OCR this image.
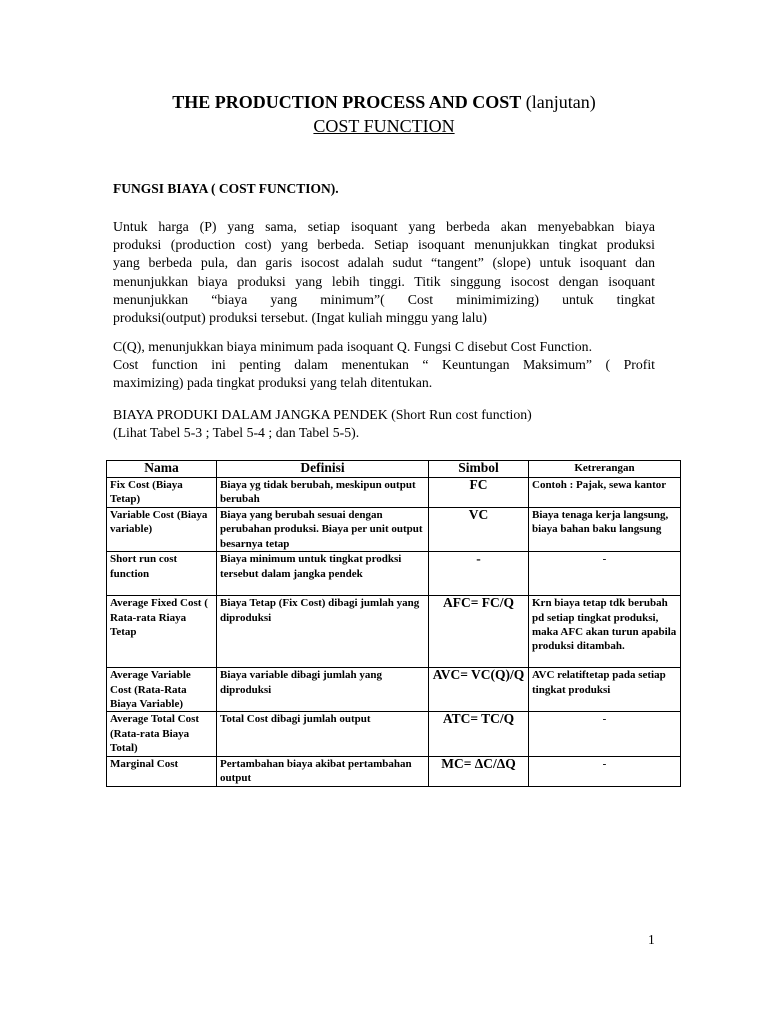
THE PRODUCTION PROCESS AND COST (lanjutan)
COST FUNCTION
FUNGSI BIAYA ( COST FUNCTION).
Untuk harga (P) yang sama, setiap isoquant yang berbeda akan menyebabkan biaya
produksi (production cost) yang berbeda. Setiap isoquant menunjukkan tingkat produksi
yang berbeda pula, dan garis isocost adalah sudut “tangent” (slope) untuk isoquant dan
menunjukkan biaya produksi yang lebih tinggi. Titik singgung isocost dengan isoquant
menunjukkan “biaya yang minimum”( Cost minimimizing) untuk tingkat
produksi(output) produksi tersebut. (Ingat kuliah minggu yang lalu)
C(Q), menunjukkan biaya minimum pada isoquant Q. Fungsi C disebut Cost Function.
Cost function ini penting dalam menentukan “ Keuntungan Maksimum” ( Profit
maximizing) pada tingkat produksi yang telah ditentukan.
BIAYA PRODUKI DALAM JANGKA PENDEK (Short Run cost function)
(Lihat Tabel 5-3 ; Tabel 5-4 ; dan Tabel 5-5).
Nama	Definisi	Simbol	Ketrerangan
Fix Cost (Biaya Tetap)	Biaya yg tidak berubah, meskipun output berubah	FC	Contoh : Pajak, sewa kantor
Variable Cost (Biaya variable)	Biaya yang berubah sesuai dengan perubahan produksi. Biaya per unit output besarnya tetap	VC	Biaya tenaga kerja langsung, biaya bahan baku langsung
Short run cost function	Biaya minimum untuk tingkat prodksi tersebut dalam jangka pendek	-	-
Average Fixed Cost ( Rata-rata Riaya Tetap	Biaya Tetap (Fix Cost) dibagi jumlah yang diproduksi	AFC= FC/Q	Krn biaya tetap tdk berubah pd setiap tingkat produksi, maka AFC akan turun apabila produksi ditambah.
Average Variable Cost (Rata-Rata Biaya Variable)	Biaya variable dibagi jumlah yang diproduksi	AVC= VC(Q)/Q	AVC relatiftetap pada setiap tingkat produksi
Average Total Cost (Rata-rata Biaya Total)	Total Cost dibagi jumlah output	ATC= TC/Q	-
Marginal Cost	Pertambahan biaya akibat pertambahan output	MC= ΔC/ΔQ	-
1
